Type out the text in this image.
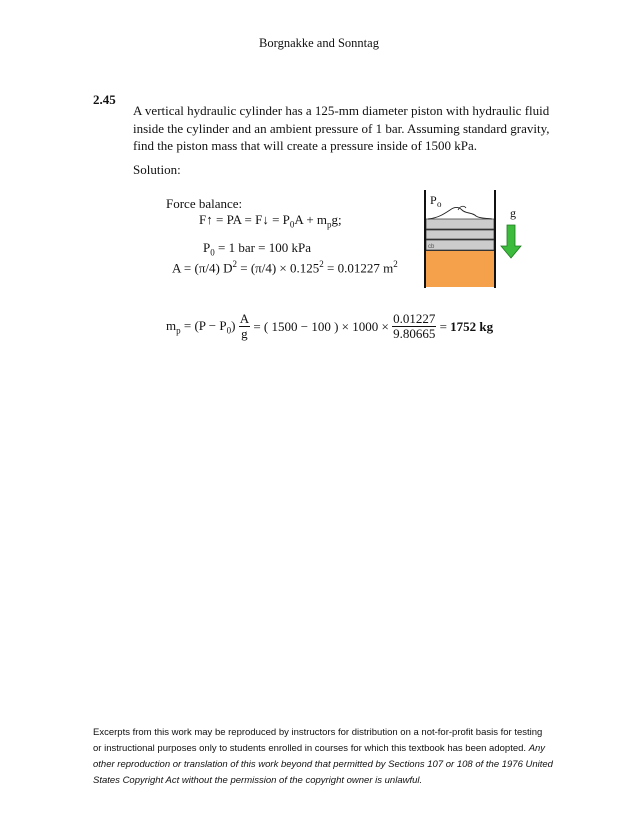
Borgnakke and Sonntag
2.45
A vertical hydraulic cylinder has a 125-mm diameter piston with hydraulic fluid
inside the cylinder and an ambient pressure of 1 bar. Assuming standard gravity,
find the piston mass that will create a pressure inside of 1500 kPa.
Solution:
Force balance:
F↑ = PA = F↓ = $P_0A + m_pg$;
$P_0 = 1$ bar = 100 kPa
A = (π/4) $D^2 = (\pi/4) \times 0.125^2 = 0.01227$ $m^2$
$m_p = (P - P_0) \frac{A}{g}$ = ( 1500 − 100 ) × $1000 \times \frac{0.01227}{9.80665} = 1752$ kg
P o
cb
g
Excerpts from this work may be reproduced by instructors for distribution on a not-for-profit basis for testing or instructional purposes only to students enrolled in courses for which this textbook has been adopted. Any other reproduction or translation of this work beyond that permitted by Sections 107 or 108 of the 1976 United States Copyright Act without the permission of the copyright owner is unlawful.
